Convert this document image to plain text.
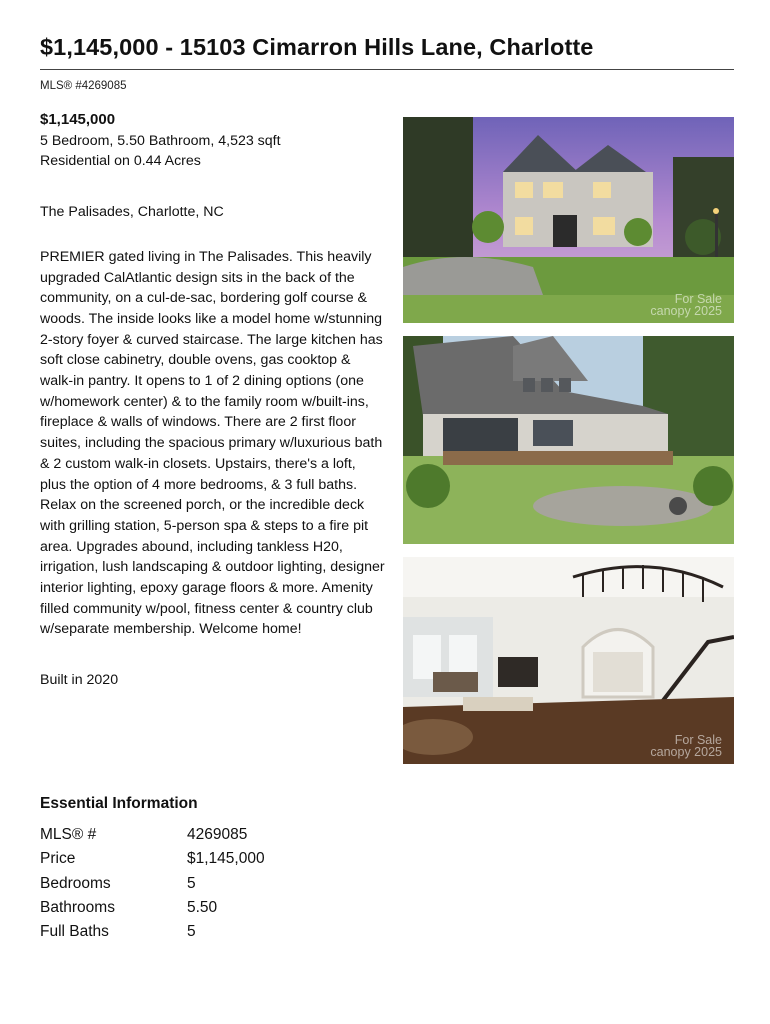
$1,145,000 - 15103 Cimarron Hills Lane, Charlotte
MLS® #4269085
$1,145,000
5 Bedroom, 5.50 Bathroom, 4,523 sqft
Residential on 0.44 Acres
The Palisades, Charlotte, NC
PREMIER gated living in The Palisades. This heavily upgraded CalAtlantic design sits in the back of the community, on a cul-de-sac, bordering golf course & woods. The inside looks like a model home w/stunning 2-story foyer & curved staircase. The large kitchen has soft close cabinetry, double ovens, gas cooktop & walk-in pantry. It opens to 1 of 2 dining options (one w/homework center) & to the family room w/built-ins, fireplace & walls of windows. There are 2 first floor suites, including the spacious primary w/luxurious bath & 2 custom walk-in closets. Upstairs, there's a loft, plus the option of 4 more bedrooms, & 3 full baths. Relax on the screened porch, or the incredible deck with grilling station, 5-person spa & steps to a fire pit area. Upgrades abound, including tankless H20, irrigation, lush landscaping & outdoor lighting, designer interior lighting, epoxy garage floors & more. Amenity filled community w/pool, fitness center & country club w/separate membership. Welcome home!
Built in 2020
Essential Information
MLS® #	4269085
Price	$1,145,000
Bedrooms	5
Bathrooms	5.50
Full Baths	5
For Sale
canopy 2025
For Sale
canopy 2025
